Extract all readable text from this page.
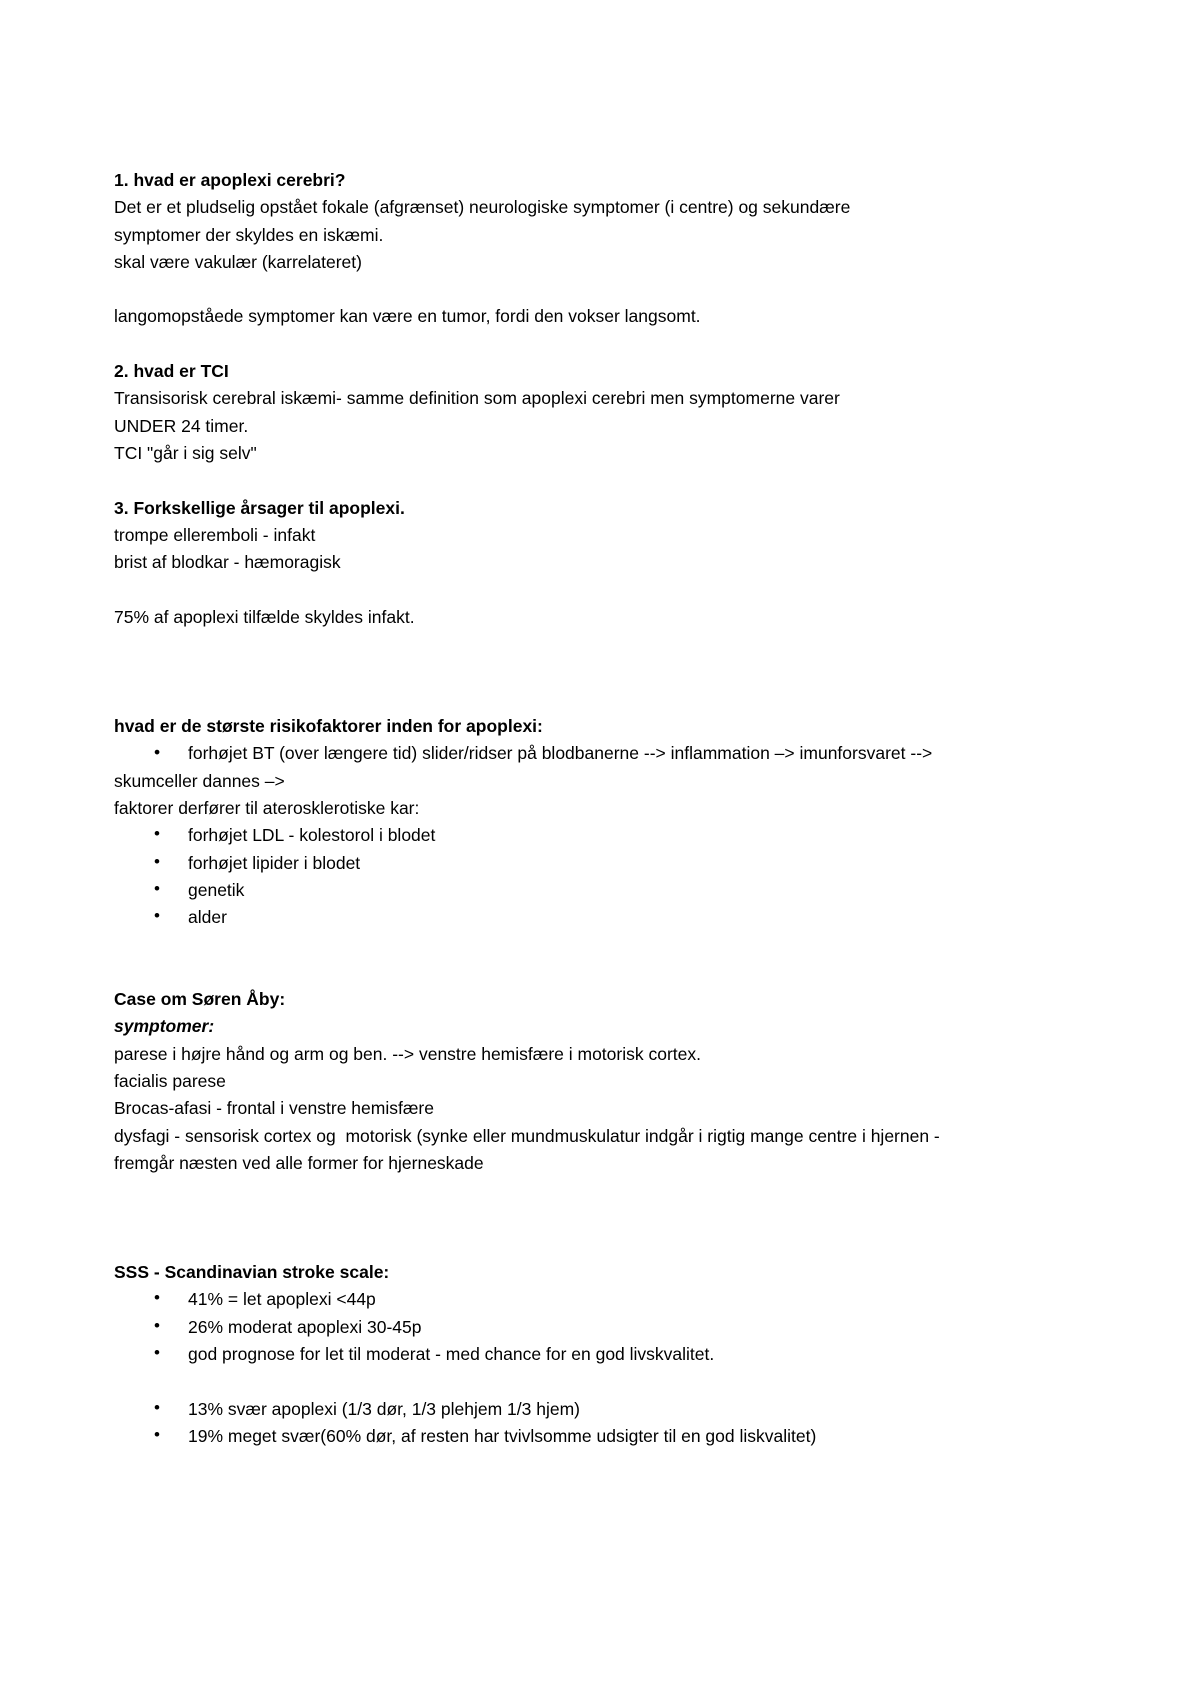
1. hvad er apoplexi cerebri?
Det er et pludselig opstået fokale (afgrænset) neurologiske symptomer (i centre) og sekundære
symptomer der skyldes en iskæmi.
skal være vakulær (karrelateret)
langomopståede symptomer kan være en tumor, fordi den vokser langsomt.
2. hvad er TCI
Transisorisk cerebral iskæmi- samme definition som apoplexi cerebri men symptomerne varer
UNDER 24 timer.
TCI "går i sig selv"
3. Forkskellige årsager til apoplexi.
trompe elleremboli - infakt
brist af blodkar - hæmoragisk
75% af apoplexi tilfælde skyldes infakt.
hvad er de største risikofaktorer inden for apoplexi:
•	forhøjet BT (over længere tid) slider/ridser på blodbanerne --> inflammation –> imunforsvaret -->
skumceller dannes –>
faktorer derfører til aterosklerotiske kar:
• forhøjet LDL - kolestorol i blodet
• forhøjet lipider i blodet
• genetik
• alder
Case om Søren Åby:
symptomer:
parese i højre hånd og arm og ben. --> venstre hemisfære i motorisk cortex.
facialis parese
Brocas-afasi - frontal i venstre hemisfære
dysfagi - sensorisk cortex og  motorisk (synke eller mundmuskulatur indgår i rigtig mange centre i hjernen -
fremgår næsten ved alle former for hjerneskade
SSS - Scandinavian stroke scale:
• 41% = let apoplexi <44p
• 26% moderat apoplexi 30-45p
• god prognose for let til moderat - med chance for en god livskvalitet.
• 13% svær apoplexi (1/3 dør, 1/3 plehjem 1/3 hjem)
• 19% meget svær(60% dør, af resten har tvivlsomme udsigter til en god liskvalitet)
